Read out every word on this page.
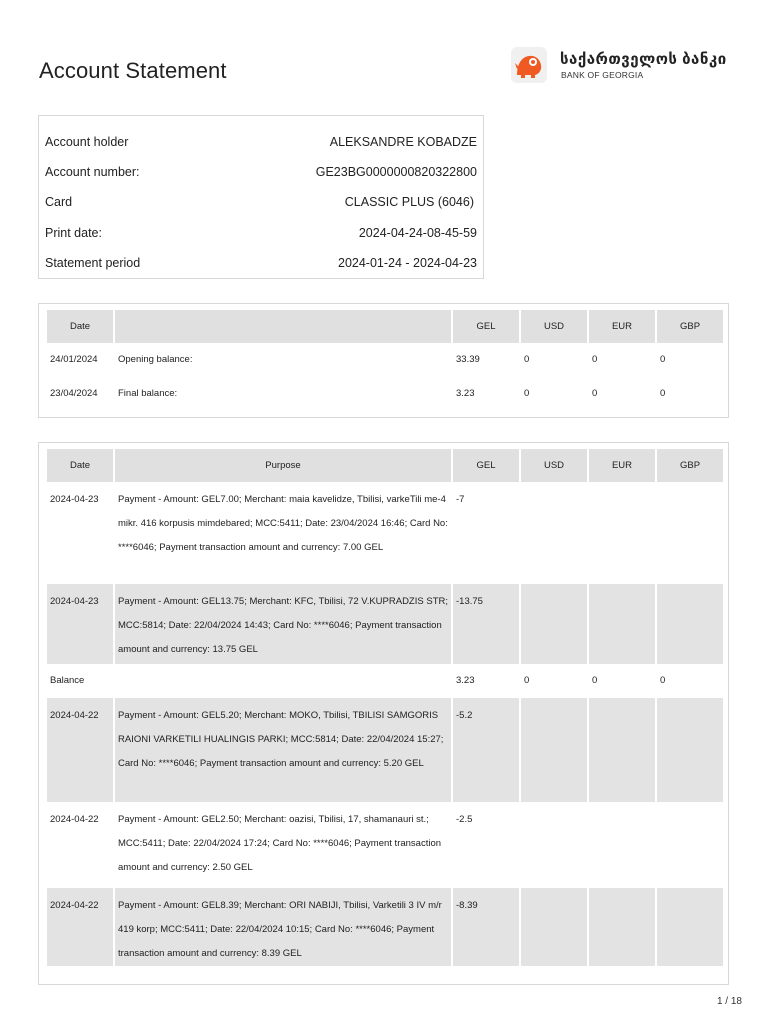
Account Statement	საქართველოს ბანკი
BANK OF GEORGIA
Account holder	ALEKSANDRE KOBADZE
Account number:	GE23BG0000000820322800
Card	CLASSIC PLUS (6046)
Print date:	2024-04-24-08-45-59
Statement period	2024-01-24 - 2024-04-23
Date		GEL	USD	EUR	GBP
24/01/2024	Opening balance:	33.39	0	0	0
23/04/2024	Final balance:	3.23	0	0	0
Date	Purpose	GEL	USD	EUR	GBP
2024-04-23	Payment - Amount: GEL7.00; Merchant: maia kavelidze, Tbilisi, varkeTili me-4 mikr. 416 korpusis mimdebared; MCC:5411; Date: 23/04/2024 16:46; Card No: ****6046; Payment transaction amount and currency: 7.00 GEL	-7			
2024-04-23	Payment - Amount: GEL13.75; Merchant: KFC, Tbilisi, 72 V.KUPRADZIS STR; MCC:5814; Date: 22/04/2024 14:43; Card No: ****6046; Payment transaction amount and currency: 13.75 GEL	-13.75			
Balance		3.23	0	0	0
2024-04-22	Payment - Amount: GEL5.20; Merchant: MOKO, Tbilisi, TBILISI SAMGORIS RAIONI VARKETILI HUALINGIS PARKI; MCC:5814; Date: 22/04/2024 15:27; Card No: ****6046; Payment transaction amount and currency: 5.20 GEL	-5.2			
2024-04-22	Payment - Amount: GEL2.50; Merchant: oazisi, Tbilisi, 17, shamanauri st.; MCC:5411; Date: 22/04/2024 17:24; Card No: ****6046; Payment transaction amount and currency: 2.50 GEL	-2.5			
2024-04-22	Payment - Amount: GEL8.39; Merchant: ORI NABIJI, Tbilisi, Varketili 3 IV m/r 419 korp; MCC:5411; Date: 22/04/2024 10:15; Card No: ****6046; Payment transaction amount and currency: 8.39 GEL	-8.39			
1 / 18
